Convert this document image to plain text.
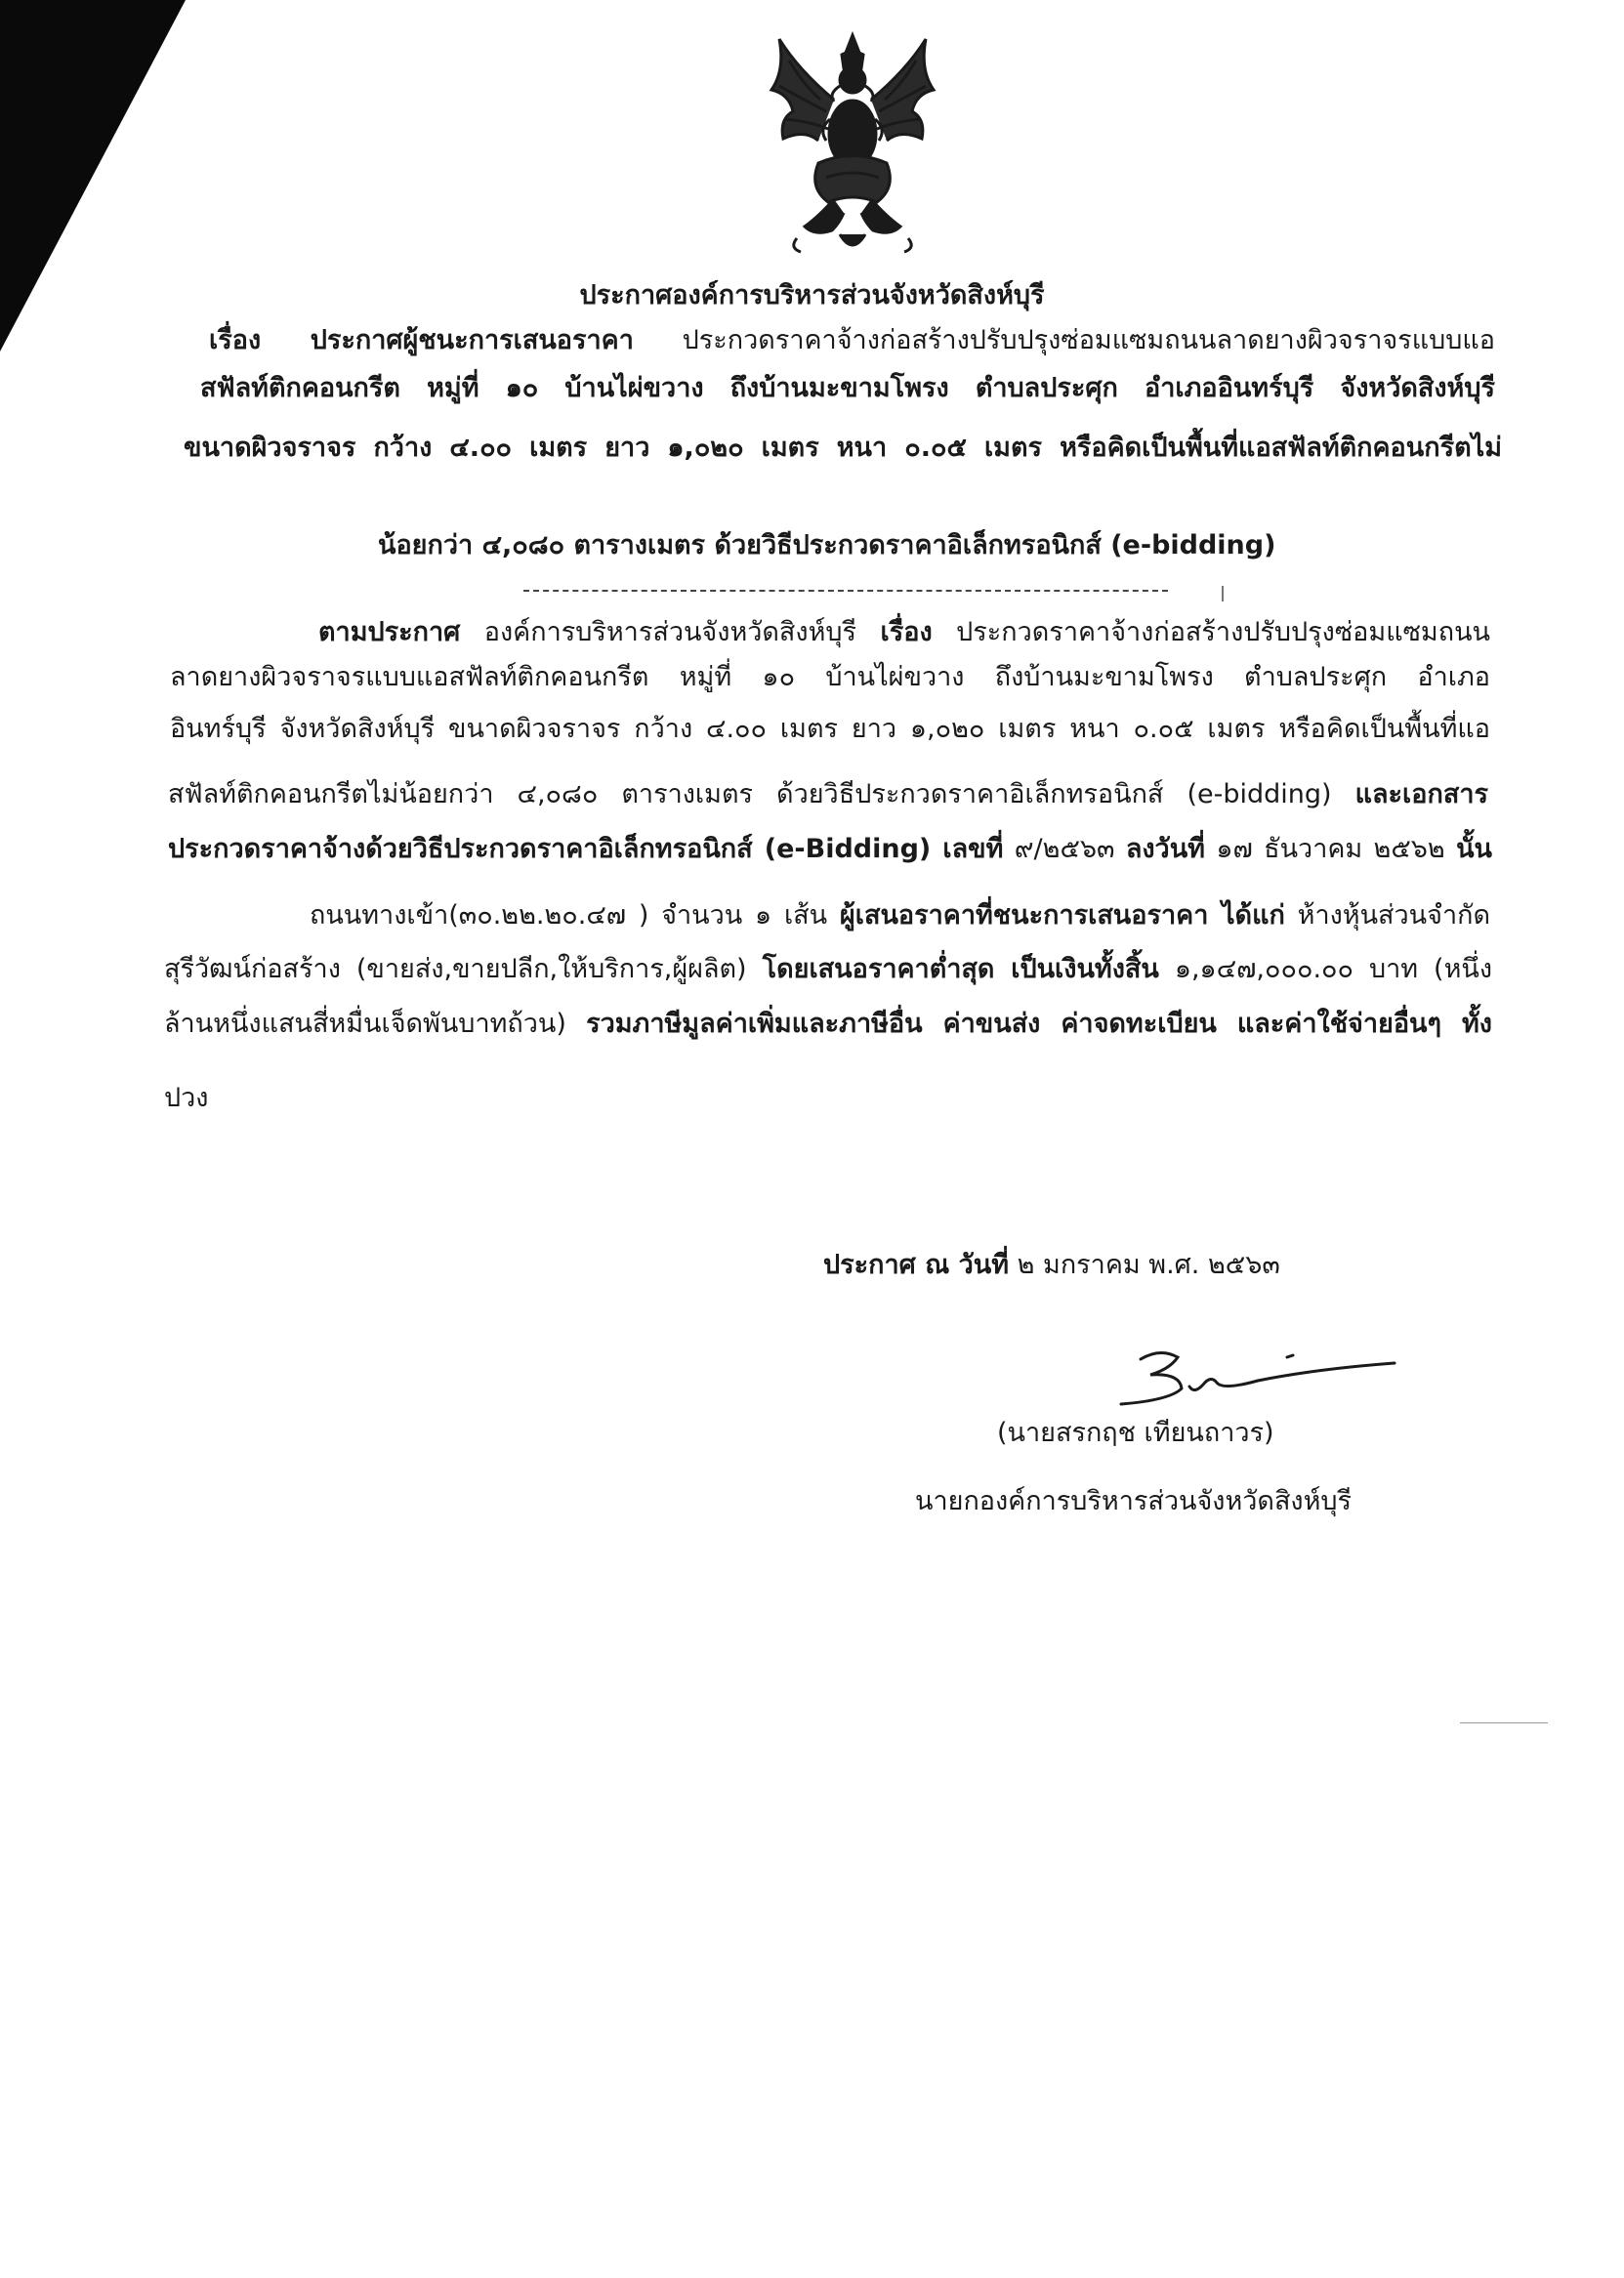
ประกาศองค์การบริหารส่วนจังหวัดสิงห์บุรี
เรื่อง ประกาศผู้ชนะการเสนอราคา ประกวดราคาจ้างก่อสร้างปรับปรุงซ่อมแซมถนนลาดยางผิวจราจรแบบแอ
สฟัลท์ติกคอนกรีต หมู่ที่ ๑๐ บ้านไผ่ขวาง ถึงบ้านมะขามโพรง ตำบลประศุก อำเภออินทร์บุรี จังหวัดสิงห์บุรี
ขนาดผิวจราจร กว้าง ๔.๐๐ เมตร ยาว ๑,๐๒๐ เมตร หนา ๐.๐๕ เมตร หรือคิดเป็นพื้นที่แอสฟัลท์ติกคอนกรีตไม่
น้อยกว่า ๔,๐๘๐ ตารางเมตร ด้วยวิธีประกวดราคาอิเล็กทรอนิกส์ (e-bidding)
ตามประกาศ องค์การบริหารส่วนจังหวัดสิงห์บุรี เรื่อง ประกวดราคาจ้างก่อสร้างปรับปรุงซ่อมแซมถนน
ลาดยางผิวจราจรแบบแอสฟัลท์ติกคอนกรีต หมู่ที่ ๑๐ บ้านไผ่ขวาง ถึงบ้านมะขามโพรง ตำบลประศุก อำเภอ
อินทร์บุรี จังหวัดสิงห์บุรี ขนาดผิวจราจร กว้าง ๔.๐๐ เมตร ยาว ๑,๐๒๐ เมตร หนา ๐.๐๕ เมตร หรือคิดเป็นพื้นที่แอ
สฟัลท์ติกคอนกรีตไม่น้อยกว่า ๔,๐๘๐ ตารางเมตร ด้วยวิธีประกวดราคาอิเล็กทรอนิกส์ (e-bidding) และเอกสาร
ประกวดราคาจ้างด้วยวิธีประกวดราคาอิเล็กทรอนิกส์ (e-Bidding) เลขที่ ๙/๒๕๖๓ ลงวันที่ ๑๗ ธันวาคม ๒๕๖๒ นั้น
ถนนทางเข้า(๓๐.๒๒.๒๐.๔๗ ) จำนวน ๑ เส้น ผู้เสนอราคาที่ชนะการเสนอราคา ได้แก่ ห้างหุ้นส่วนจำกัด
สุรีวัฒน์ก่อสร้าง (ขายส่ง,ขายปลีก,ให้บริการ,ผู้ผลิต) โดยเสนอราคาต่ำสุด เป็นเงินทั้งสิ้น ๑,๑๔๗,๐๐๐.๐๐ บาท (หนึ่ง
ล้านหนึ่งแสนสี่หมื่นเจ็ดพันบาทถ้วน) รวมภาษีมูลค่าเพิ่มและภาษีอื่น ค่าขนส่ง ค่าจดทะเบียน และค่าใช้จ่ายอื่นๆ ทั้ง
ปวง
ประกาศ ณ วันที่ ๒ มกราคม พ.ศ. ๒๕๖๓
(นายสรกฤช เทียนถาวร)
นายกองค์การบริหารส่วนจังหวัดสิงห์บุรี
